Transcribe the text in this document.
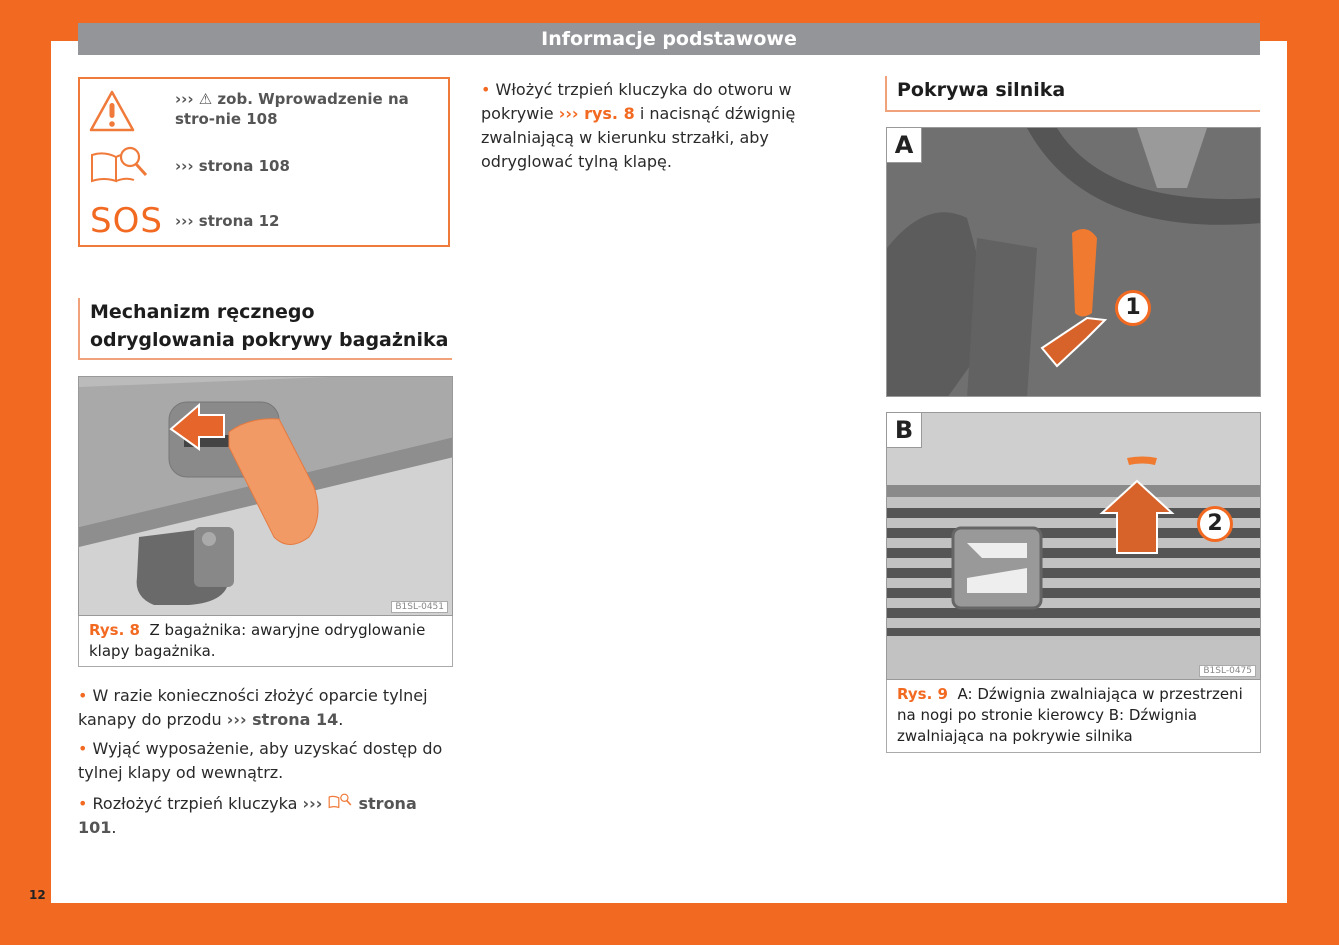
Informacje podstawowe
››› ⚠ zob. Wprowadzenie na stro-nie 108
››› strona 108
SOS ››› strona 12
Mechanizm ręcznego odryglowania pokrywy bagażnika
B1SL-0451
Rys. 8 Z bagażnika: awaryjne odryglowanie klapy bagażnika.
• W razie konieczności złożyć oparcie tylnej kanapy do przodu ››› strona 14.
• Wyjąć wyposażenie, aby uzyskać dostęp do tylnej klapy od wewnątrz.
• Rozłożyć trzpień kluczyka ››› strona 101.
• Włożyć trzpień kluczyka do otworu w pokrywie ››› rys. 8 i nacisnąć dźwignię zwalniającą w kierunku strzałki, aby odryglować tylną klapę.
Pokrywa silnika
A
1
B
2
B1SL-0475
Rys. 9 A: Dźwignia zwalniająca w przestrzeni na nogi po stronie kierowcy B: Dźwignia zwalniająca na pokrywie silnika
12
